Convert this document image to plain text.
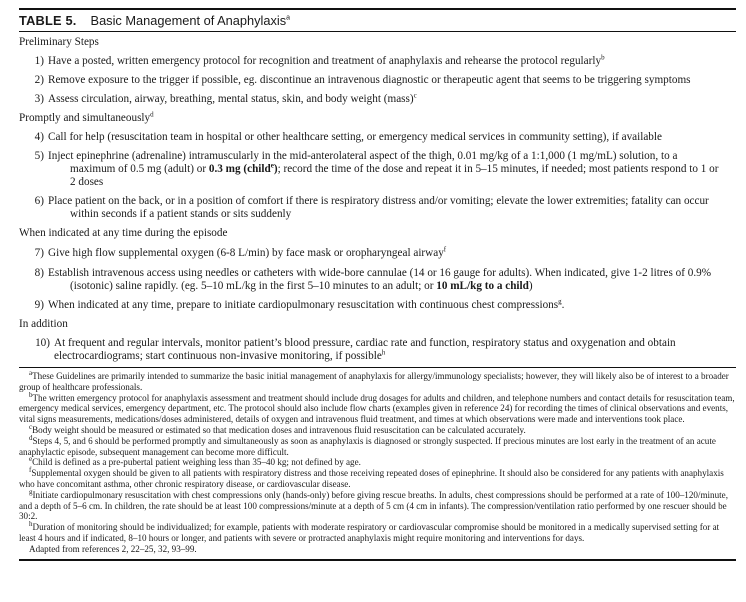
TABLE 5. Basic Management of Anaphylaxis$^a$
Preliminary Steps
1) Have a posted, written emergency protocol for recognition and treatment of anaphylaxis and rehearse the protocol regularly$^b$
2) Remove exposure to the trigger if possible, eg. discontinue an intravenous diagnostic or therapeutic agent that seems to be triggering symptoms
3) Assess circulation, airway, breathing, mental status, skin, and body weight (mass)$^c$
Promptly and simultaneously$^d$
4) Call for help (resuscitation team in hospital or other healthcare setting, or emergency medical services in community setting), if available
5) Inject epinephrine (adrenaline) intramuscularly in the mid-anterolateral aspect of the thigh, 0.01 mg/kg of a 1:1,000 (1 mg/mL) solution, to a
maximum of 0.5 mg (adult) or 0.3 mg (child$^e$); record the time of the dose and repeat it in 5–15 minutes, if needed; most patients respond to 1 or
2 doses
6) Place patient on the back, or in a position of comfort if there is respiratory distress and/or vomiting; elevate the lower extremities; fatality can occur
within seconds if a patient stands or sits suddenly
When indicated at any time during the episode
7) Give high flow supplemental oxygen (6-8 L/min) by face mask or oropharyngeal airway$^f$
8) Establish intravenous access using needles or catheters with wide-bore cannulae (14 or 16 gauge for adults). When indicated, give 1-2 litres of 0.9%
(isotonic) saline rapidly. (eg. 5–10 mL/kg in the first 5–10 minutes to an adult; or 10 mL/kg to a child)
9) When indicated at any time, prepare to initiate cardiopulmonary resuscitation with continuous chest compressions$^g$.
In addition
10) At frequent and regular intervals, monitor patient’s blood pressure, cardiac rate and function, respiratory status and oxygenation and obtain
electrocardiograms; start continuous non-invasive monitoring, if possible$^h$

$^a$These Guidelines are primarily intended to summarize the basic initial management of anaphylaxis for allergy/immunology specialists; however, they will likely also be of interest to a broader group of healthcare professionals.

$^b$The written emergency protocol for anaphylaxis assessment and treatment should include drug dosages for adults and children, and telephone numbers and contact details for resuscitation team, emergency medical services, emergency department, etc. The protocol should also include flow charts (examples given in reference 24) for recording the times of clinical observations and events, vital signs measurements, medications/doses administered, details of oxygen and intravenous fluid treatment, and times at which observations were made and interventions took place.

$^c$Body weight should be measured or estimated so that medication doses and intravenous fluid resuscitation can be calculated accurately.

$^d$Steps 4, 5, and 6 should be performed promptly and simultaneously as soon as anaphylaxis is diagnosed or strongly suspected. If precious minutes are lost early in the treatment of an acute anaphylactic episode, subsequent management can become more difficult.

$^e$Child is defined as a pre-pubertal patient weighing less than 35–40 kg; not defined by age.

$^f$Supplemental oxygen should be given to all patients with respiratory distress and those receiving repeated doses of epinephrine. It should also be considered for any patients with anaphylaxis who have concomitant asthma, other chronic respiratory disease, or cardiovascular disease.

$^g$Initiate cardiopulmonary resuscitation with chest compressions only (hands-only) before giving rescue breaths. In adults, chest compressions should be performed at a rate of 100–120/minute, and a depth of 5–6 cm. In children, the rate should be at least 100 compressions/minute at a depth of 5 cm (4 cm in infants). The compression/ventilation ratio performed by one rescuer should be 30:2.

$^h$Duration of monitoring should be individualized; for example, patients with moderate respiratory or cardiovascular compromise should be monitored in a medically supervised setting for at least 4 hours and if indicated, 8–10 hours or longer, and patients with severe or protracted anaphylaxis might require monitoring and interventions for days.

Adapted from references 2, 22–25, 32, 93–99.
